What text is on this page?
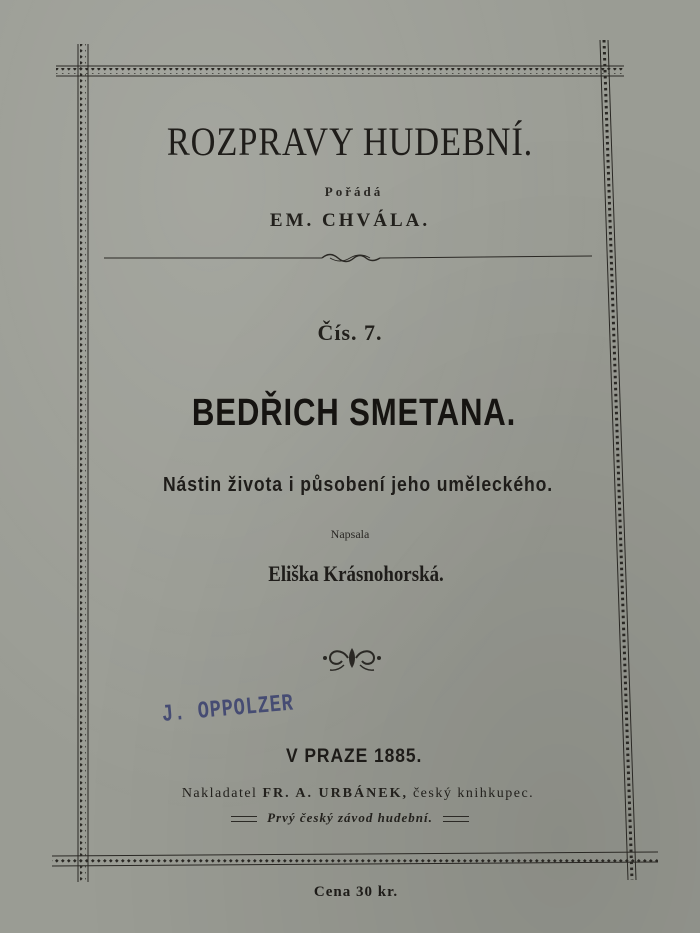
ROZPRAVY HUDEBNÍ.
Pořádá
EM. CHVÁLA.
Čís. 7.
BEDŘICH SMETANA.
Nástin života i působení jeho uměleckého.
Napsala
Eliška Krásnohorská.
J. OPPOLZER
V PRAZE 1885.
Nakladatel FR. A. URBÁNEK, český knihkupec.
Prvý český závod hudební.
Cena 30 kr.
